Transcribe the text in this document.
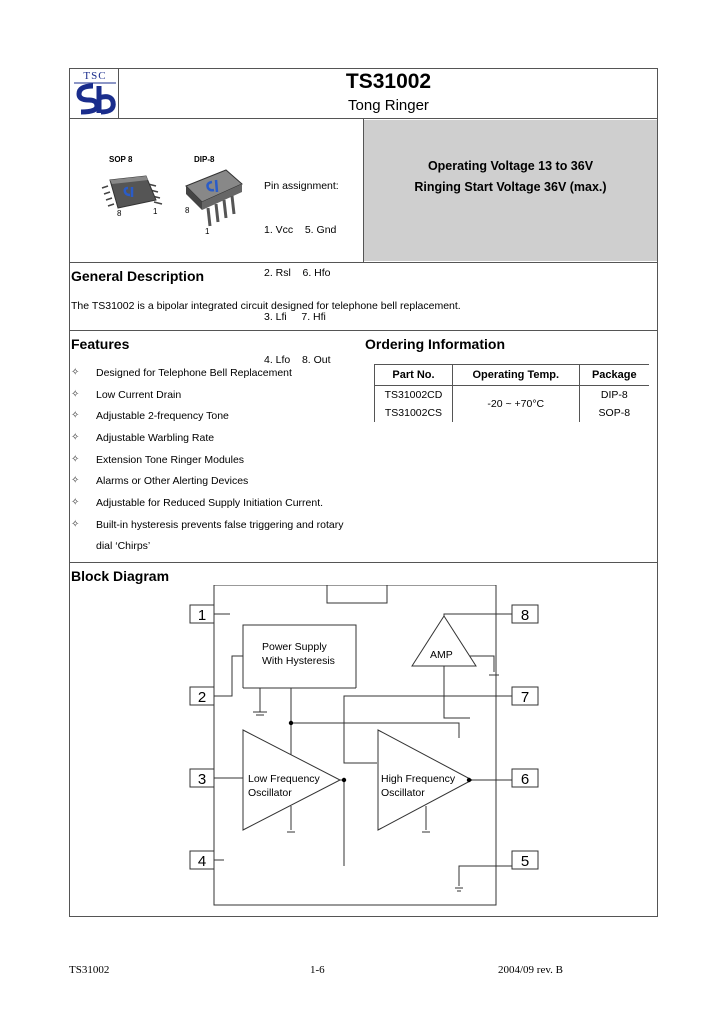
TSC	TS31002
Tong Ringer
SOP 8	DIP-8
8	1	8
1

Pin assignment:

1. Vcc    5. Gnd

2. Rsl    6. Hfo

3. Lfi     7. Hfi

4. Lfo    8. Out

Operating Voltage 13 to 36V
Ringing Start Voltage 36V (max.)
General Description
The TS31002 is a bipolar integrated circuit designed for telephone bell replacement.
Features
✧	Designed for Telephone Bell Replacement
✧	Low Current Drain
✧	Adjustable 2-frequency Tone
✧	Adjustable Warbling Rate
✧	Extension Tone Ringer Modules
✧	Alarms or Other Alerting Devices
✧	Adjustable for Reduced Supply Initiation Current.
✧	Built-in hysteresis prevents false triggering and rotary
dial ‘Chirps’
Ordering Information
Part No.	Operating Temp.	Package
TS31002CD	-20 ~ +70°C	DIP-8
TS31002CS		SOP-8
Block Diagram
1
2
3
4	5
6
7
8
Power Supply
With Hysteresis	AMP
Low Frequency
Oscillator
High Frequency
Oscillator
TS31002	1-6	2004/09 rev. B
